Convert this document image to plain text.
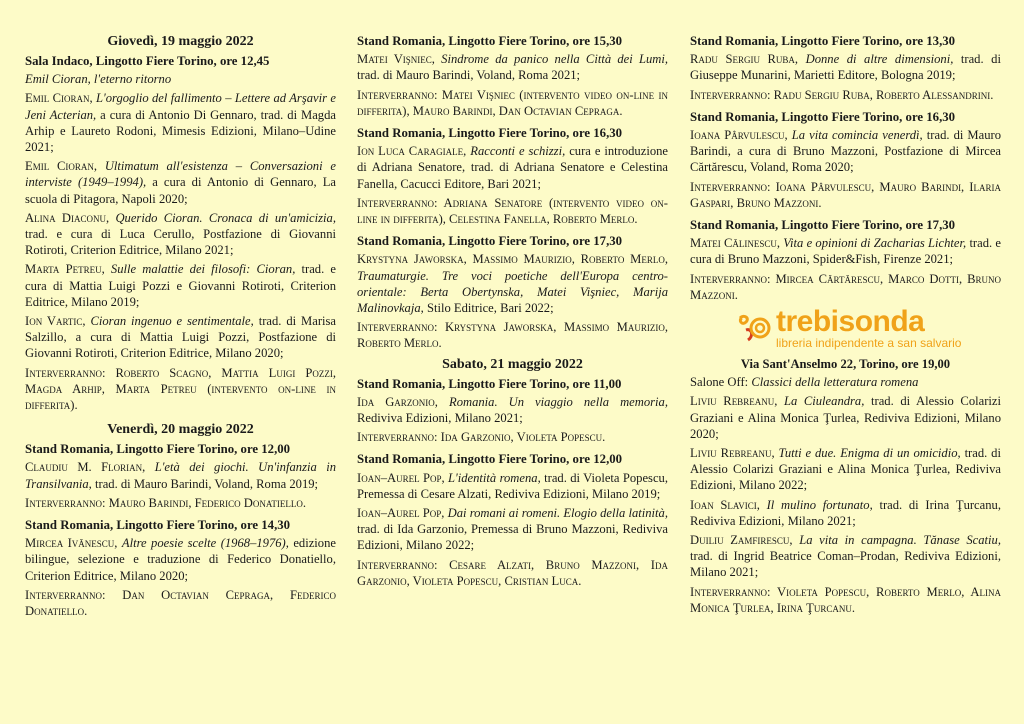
Giovedì, 19 maggio 2022
Sala Indaco, Lingotto Fiere Torino, ore 12,45
Emil Cioran, l'eterno ritorno

Emil Cioran, L'orgoglio del fallimento – Lettere ad Arşavir e Jeni Acterian, a cura di Antonio Di Gennaro, trad. di Magda Arhip e Laureto Rodoni, Mimesis Edizioni, Milano–Udine 2021;

Emil Cioran, Ultimatum all'esistenza – Conversazioni e interviste (1949–1994), a cura di Antonio di Gennaro, La scuola di Pitagora, Napoli 2020;

Alina Diaconu, Querido Cioran. Cronaca di un'amicizia, trad. e cura di Luca Cerullo, Postfazione di Giovanni Rotiroti, Criterion Editrice, Milano 2021;

Marta Petreu, Sulle malattie dei filosofi: Cioran, trad. e cura di Mattia Luigi Pozzi e Giovanni Rotiroti, Criterion Editrice, Milano 2019;

Ion Vartic, Cioran ingenuo e sentimentale, trad. di Marisa Salzillo, a cura di Mattia Luigi Pozzi, Postfazione di Giovanni Rotiroti, Criterion Editrice, Milano 2020;

Interverranno: Roberto Scagno, Mattia Luigi Pozzi, Magda Arhip, Marta Petreu (intervento on-line in differita).

Venerdì, 20 maggio 2022
Stand Romania, Lingotto Fiere Torino, ore 12,00

Claudiu M. Florian, L'età dei giochi. Un'infanzia in Transilvania, trad. di Mauro Barindi, Voland, Roma 2019;

Interverranno: Mauro Barindi, Federico Donatiello.

Stand Romania, Lingotto Fiere Torino, ore 14,30

Mircea Ivănescu, Altre poesie scelte (1968–1976), edizione bilingue, selezione e traduzione di Federico Donatiello, Criterion Editrice, Milano 2020;

Interverranno: Dan Octavian Cepraga, Federico Donatiello.

Stand Romania, Lingotto Fiere Torino, ore 15,30

Matei Vişniec, Sindrome da panico nella Città dei Lumi, trad. di Mauro Barindi, Voland, Roma 2021;

Interverranno: Matei Vişniec (intervento video on-line in differita), Mauro Barindi, Dan Octavian Cepraga.

Stand Romania, Lingotto Fiere Torino, ore 16,30

Ion Luca Caragiale, Racconti e schizzi, cura e introduzione di Adriana Senatore, trad. di Adriana Senatore e Celestina Fanella, Cacucci Editore, Bari 2021;

Interverranno: Adriana Senatore (intervento video on-line in differita), Celestina Fanella, Roberto Merlo.

Stand Romania, Lingotto Fiere Torino, ore 17,30

Krystyna Jaworska, Massimo Maurizio, Roberto Merlo, Traumaturgie. Tre voci poetiche dell'Europa centro-orientale: Berta Obertynska, Matei Vişniec, Marija Malinovkaja, Stilo Editrice, Bari 2022;

Interverranno: Krystyna Jaworska, Massimo Maurizio, Roberto Merlo.

Sabato, 21 maggio 2022
Stand Romania, Lingotto Fiere Torino, ore 11,00

Ida Garzonio, Romania. Un viaggio nella memoria, Rediviva Edizioni, Milano 2021;

Interverranno: Ida Garzonio, Violeta Popescu.

Stand Romania, Lingotto Fiere Torino, ore 12,00

Ioan–Aurel Pop, L'identità romena, trad. di Violeta Popescu, Premessa di Cesare Alzati, Rediviva Edizioni, Milano 2019;

Ioan–Aurel Pop, Dai romani ai romeni. Elogio della latinità, trad. di Ida Garzonio, Premessa di Bruno Mazzoni, Rediviva Edizioni, Milano 2022;

Interverranno: Cesare Alzati, Bruno Mazzoni, Ida Garzonio, Violeta Popescu, Cristian Luca.

Stand Romania, Lingotto Fiere Torino, ore 13,30

Radu Sergiu Ruba, Donne di altre dimensioni, trad. di Giuseppe Munarini, Marietti Editore, Bologna 2019;

Interverranno: Radu Sergiu Ruba, Roberto Alessandrini.

Stand Romania, Lingotto Fiere Torino, ore 16,30

Ioana Pârvulescu, La vita comincia venerdì, trad. di Mauro Barindi, a cura di Bruno Mazzoni, Postfazione di Mircea Cărtărescu, Voland, Roma 2020;

Interverranno: Ioana Pârvulescu, Mauro Barindi, Ilaria Gaspari, Bruno Mazzoni.

Stand Romania, Lingotto Fiere Torino, ore 17,30

Matei Călinescu, Vita e opinioni di Zacharias Lichter, trad. e cura di Bruno Mazzoni, Spider&Fish, Firenze 2021;

Interverranno: Mircea Cărtărescu, Marco Dotti, Bruno Mazzoni.

trebisonda
libreria indipendente a san salvario
Via Sant'Anselmo 22, Torino, ore 19,00

Salone Off: Classici della letteratura romena

Liviu Rebreanu, La Ciuleandra, trad. di Alessio Colarizi Graziani e Alina Monica Ţurlea, Rediviva Edizioni, Milano 2020;

Liviu Rebreanu, Tutti e due. Enigma di un omicidio, trad. di Alessio Colarizi Graziani e Alina Monica Ţurlea, Rediviva Edizioni, Milano 2022;

Ioan Slavici, Il mulino fortunato, trad. di Irina Ţurcanu, Rediviva Edizioni, Milano 2021;

Duiliu Zamfirescu, La vita in campagna. Tănase Scatiu, trad. di Ingrid Beatrice Coman–Prodan, Rediviva Edizioni, Milano 2021;

Interverranno: Violeta Popescu, Roberto Merlo, Alina Monica Ţurlea, Irina Ţurcanu.
